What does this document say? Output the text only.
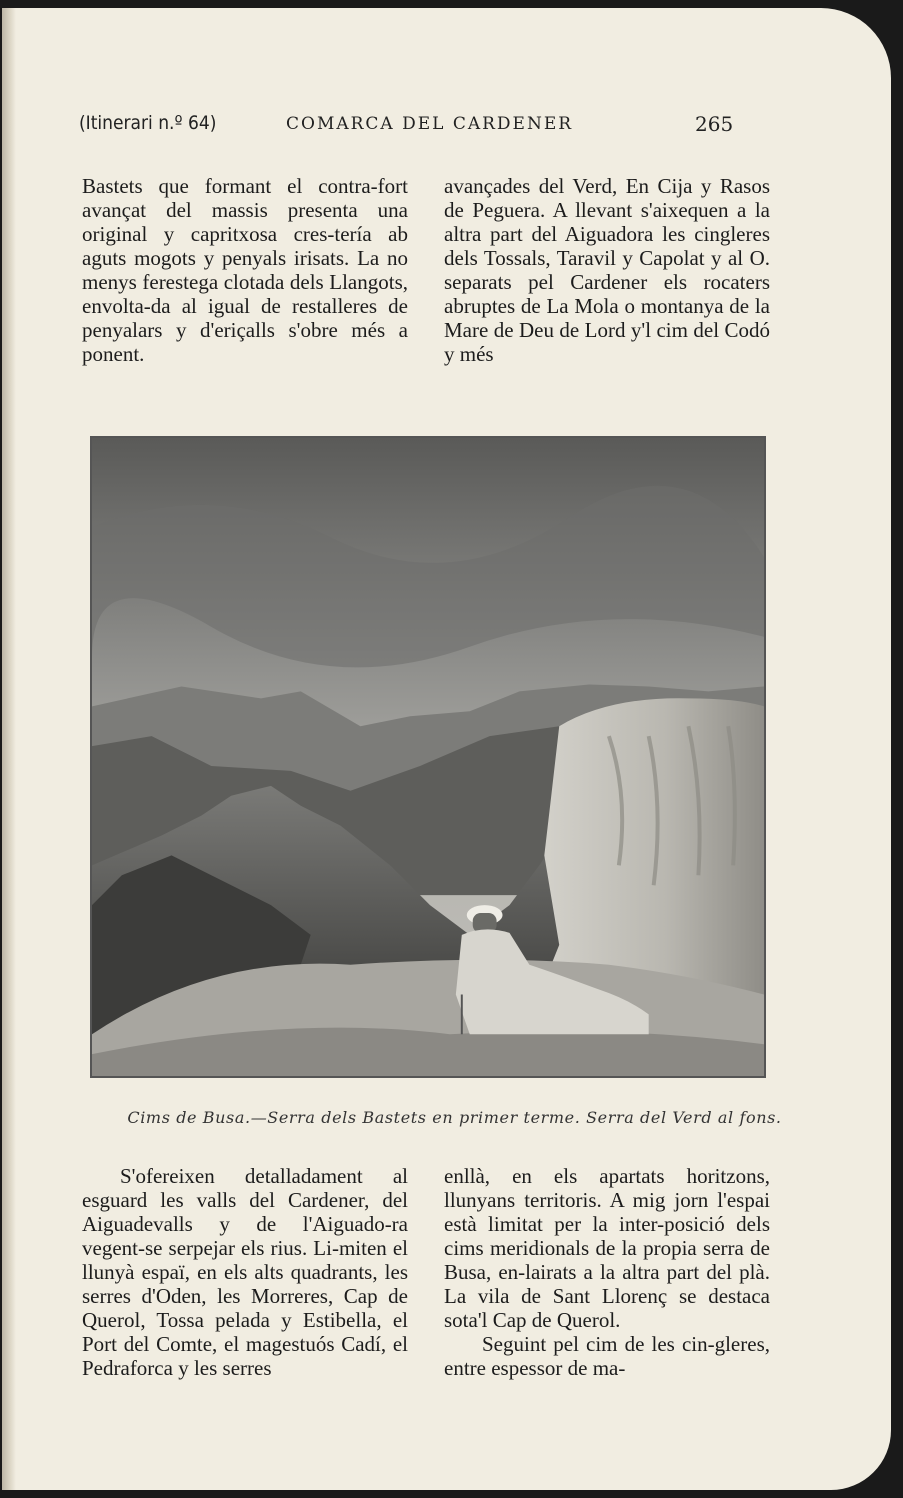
(Itinerari n.º 64)	COMARCA DEL CARDENER	265

Bastets que formant el contra-fort avançat del massis presenta una original y capritxosa cres-tería ab aguts mogots y penyals irisats. La no menys ferestega clotada dels Llangots, envolta-da al igual de restalleres de penyalars y d'eriçalls s'obre més a ponent.

avançades del Verd, En Cija y Rasos de Peguera. A llevant s'aixequen a la altra part del Aiguadora les cingleres dels Tossals, Taravil y Capolat y al O. separats pel Cardener els rocaters abruptes de La Mola o montanya de la Mare de Deu de Lord y'l cim del Codó y més

Cims de Busa.—Serra dels Bastets en primer terme. Serra del Verd al fons.

S'ofereixen detalladament al esguard les valls del Cardener, del Aiguadevalls y de l'Aiguado-ra vegent-se serpejar els rius. Li-miten el llunyà espaï, en els alts quadrants, les serres d'Oden, les Morreres, Cap de Querol, Tossa pelada y Estibella, el Port del Comte, el magestuós Cadí, el Pedraforca y les serres

enllà, en els apartats horitzons, llunyans territoris. A mig jorn l'espai està limitat per la inter-posició dels cims meridionals de la propia serra de Busa, en-lairats a la altra part del plà. La vila de Sant Llorenç se destaca sota'l Cap de Querol.

Seguint pel cim de les cin-gleres, entre espessor de ma-
